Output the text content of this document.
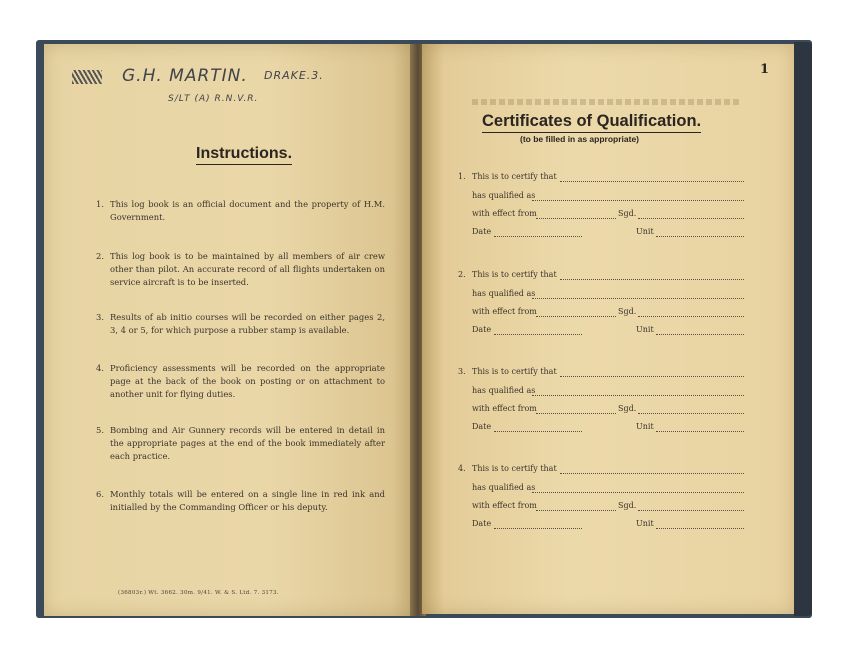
G.H. MARTIN. DRAKE.3.
S/LT (A) R.N.V.R.
Instructions.
1. This log book is an official document and the property of H.M. Government.

2. This log book is to be maintained by all members of air crew other than pilot. An accurate record of all flights undertaken on service aircraft is to be inserted.

3. Results of ab initio courses will be recorded on either pages 2, 3, 4 or 5, for which purpose a rubber stamp is available.

4. Proficiency assessments will be recorded on the appropriate page at the back of the book on posting or on attachment to another unit for flying duties.

5. Bombing and Air Gunnery records will be entered in detail in the appropriate pages at the end of the book immediately after each practice.

6. Monthly totals will be entered on a single line in red ink and initialled by the Commanding Officer or his deputy.

(36803r.) Wt. 3662. 30m. 9/41. W. & S. Ltd. 7. 3173.
1
Certificates of Qualification.
(to be filled in as appropriate)
1. This is to certify that
has qualified as
with effect from	Sgd.
Date	Unit
2. This is to certify that
has qualified as
with effect from	Sgd.
Date	Unit
3. This is to certify that
has qualified as
with effect from	Sgd.
Date	Unit
4. This is to certify that
has qualified as
with effect from	Sgd.
Date	Unit
